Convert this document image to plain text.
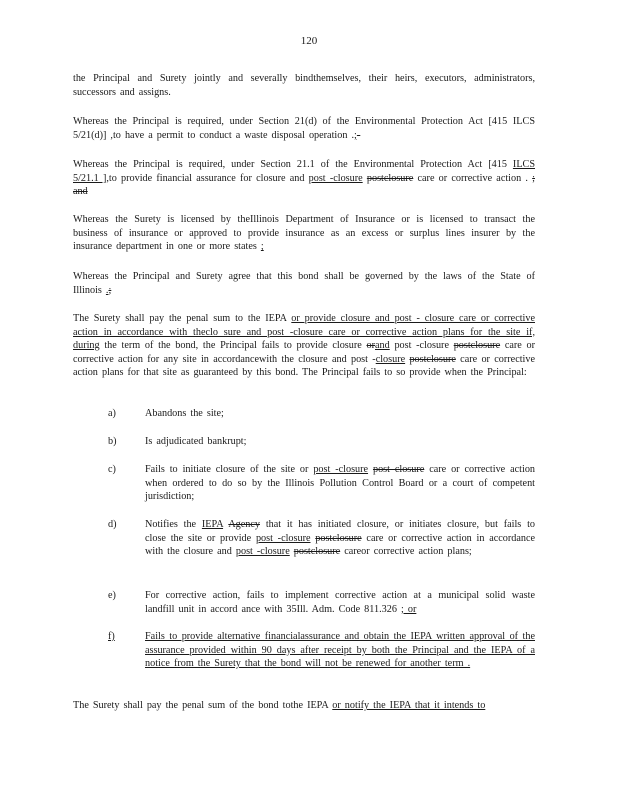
120

the Principal and Surety jointly and severally bindthemselves, their heirs, executors, administrators, successors and assigns.

Whereas the Principal is required, under Section 21(d) of the Environmental Protection Act [415 ILCS 5/21(d)] ,to have a permit to conduct a waste disposal operation .;-

Whereas the Principal is required, under Section 21.1 of the Environmental Protection Act [415 ILCS 5/21.1 ],to provide financial assurance for closure and post -closure postclosure care or corrective action . ; and

Whereas the Surety is licensed by theIllinois Department of Insurance or is licensed to transact the business of insurance or approved to provide insurance as an excess or surplus lines insurer by the insurance department in one or more states ;

Whereas the Principal and Surety agree that this bond shall be governed by the laws of the State of Illinois .;

The Surety shall pay the penal sum to the IEPA or provide closure and post - closure care or corrective action in accordance with theclo sure and post -closure care or corrective action plans for the site if, during the term of the bond, the Principal fails to provide closure orand post -closure postclosure care or corrective action for any site in accordancewith the closure and post -closure postclosure care or corrective action plans for that site as guaranteed by this bond. The Principal fails to so provide when the Principal:

a)	Abandons the site;

b)	Is adjudicated bankrupt;

c)	Fails to initiate closure of the site or post -closure post closure care or corrective action when ordered to do so by the Illinois Pollution Control Board or a court of competent jurisdiction;

d)	Notifies the IEPA Agency that it has initiated closure, or initiates closure, but fails to close the site or provide post -closure postclosure care or corrective action in accordance with the closure and post -closure postclosure careor corrective action plans;

e)	For corrective action, fails to implement corrective action at a municipal solid waste landfill unit in accord ance with 35Ill. Adm. Code 811.326 ; or

f)	Fails to provide alternative financialassurance and obtain the IEPA written approval of the assurance provided within 90 days after receipt by both the Principal and the IEPA of a notice from the Surety that the bond will not be renewed for another term .

The Surety shall pay the penal sum of the bond tothe IEPA or notify the IEPA that it intends to
